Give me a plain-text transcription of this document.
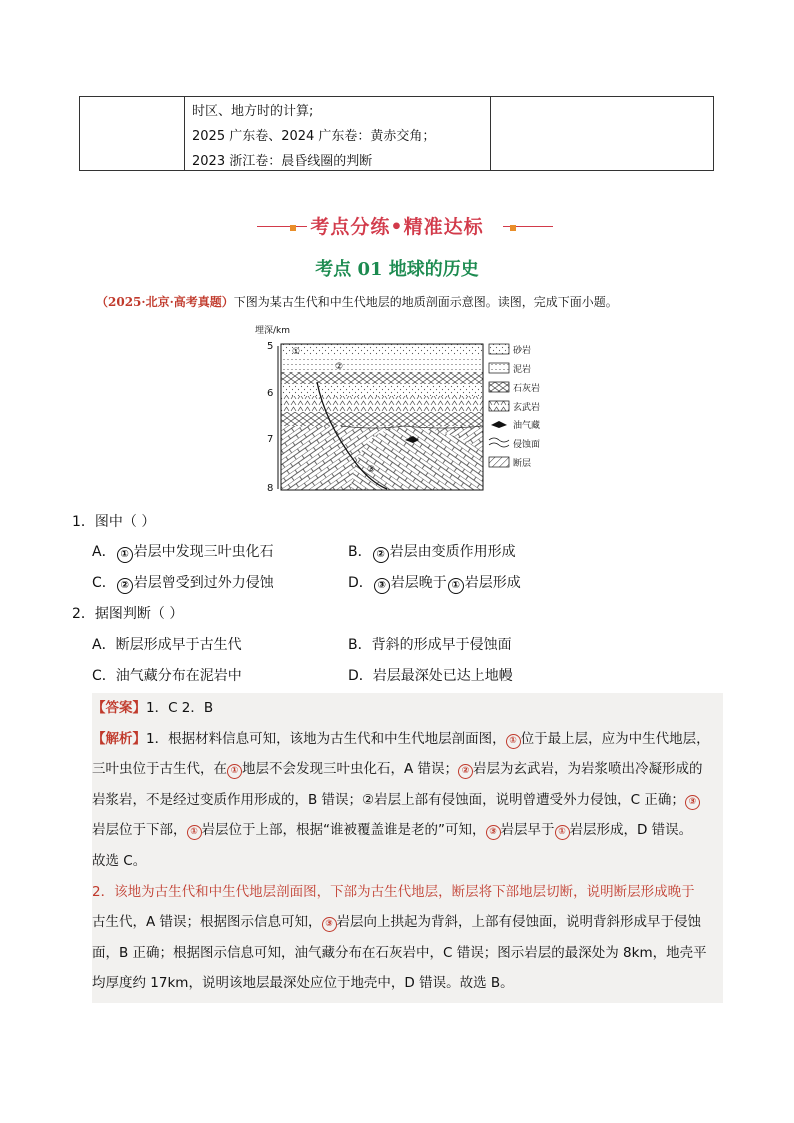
时区、地方时的计算;
2025 广东卷、2024 广东卷：黄赤交角；
2023 浙江卷：晨昏线圈的判断
考点分练•精准达标
考点 01 地球的历史
（2025·北京·高考真题）下图为某古生代和中生代地层的地质剖面示意图。读图，完成下面小题。
埋深/km
5
6
7
8
①
②
③
砂岩
泥岩
石灰岩
玄武岩
油气藏
侵蚀面
断层
1．图中（ ）
A． ① 岩层中发现三叶虫化石	B． ② 岩层由变质作用形成
C． ② 岩层曾受到过外力侵蚀	D． ③ 岩层晚于 ① 岩层形成
2．据图判断（ ）
A．断层形成早于古生代	B．背斜的形成早于侵蚀面
C．油气藏分布在泥岩中	D．岩层最深处已达上地幔
【答案】1．C 2．B
【解析】1．根据材料信息可知，该地为古生代和中生代地层剖面图， ① 位于最上层，应为中生代地层，
三叶虫位于古生代，在 ① 地层不会发现三叶虫化石，A 错误； ② 岩层为玄武岩，为岩浆喷出冷凝形成的
岩浆岩，不是经过变质作用形成的，B 错误；②岩层上部有侵蚀面，说明曾遭受外力侵蚀，C 正确； ③
岩层位于下部， ① 岩层位于上部，根据“谁被覆盖谁是老的”可知， ③ 岩层早于 ① 岩层形成，D 错误。
故选 C。
2．该地为古生代和中生代地层剖面图，下部为古生代地层，断层将下部地层切断，说明断层形成晚于
古生代，A 错误；根据图示信息可知， ③ 岩层向上拱起为背斜，上部有侵蚀面，说明背斜形成早于侵蚀
面，B 正确；根据图示信息可知，油气藏分布在石灰岩中，C 错误；图示岩层的最深处为 8km，地壳平
均厚度约 17km，说明该地层最深处应位于地壳中，D 错误。故选 B。
